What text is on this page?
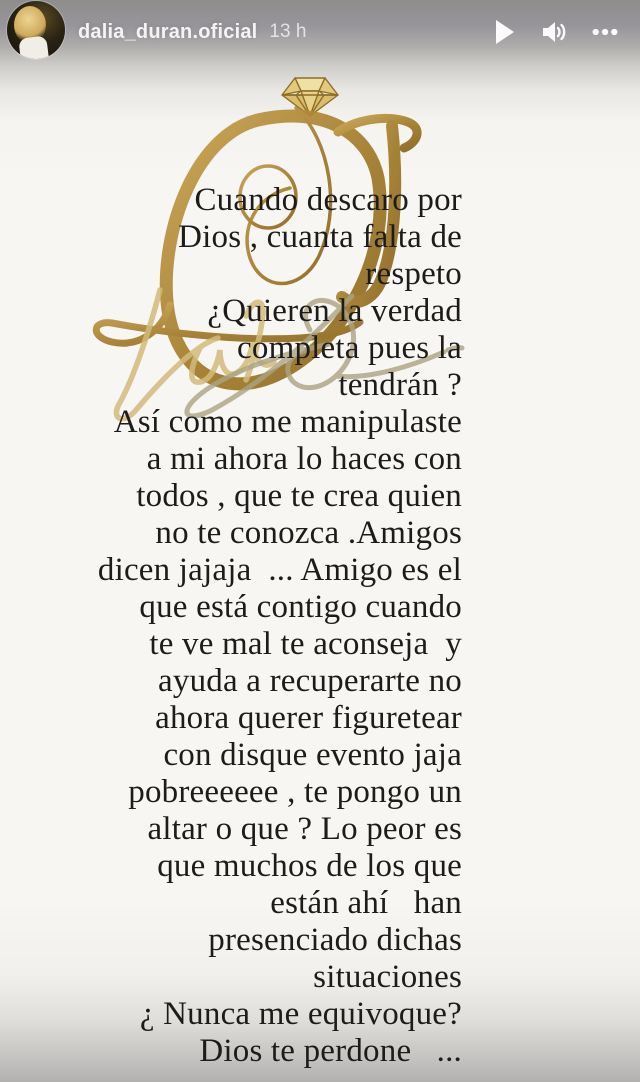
Cuando descaro por
Dios , cuanta falta de
respeto
¿Quieren la verdad
completa pues la
tendrán ?
Así como me manipulaste
a mi ahora lo haces con
todos , que te crea quien
no te conozca .Amigos
dicen jajaja  ... Amigo es el
que está contigo cuando
te ve mal te aconseja  y
ayuda a recuperarte no
ahora querer figuretear
con disque evento jaja
pobreeeeee , te pongo un
altar o que ? Lo peor es
que muchos de los que
están ahí   han
presenciado dichas
situaciones
¿ Nunca me equivoque?
Dios te perdone   ...
dalia_duran.oficial 13 h
